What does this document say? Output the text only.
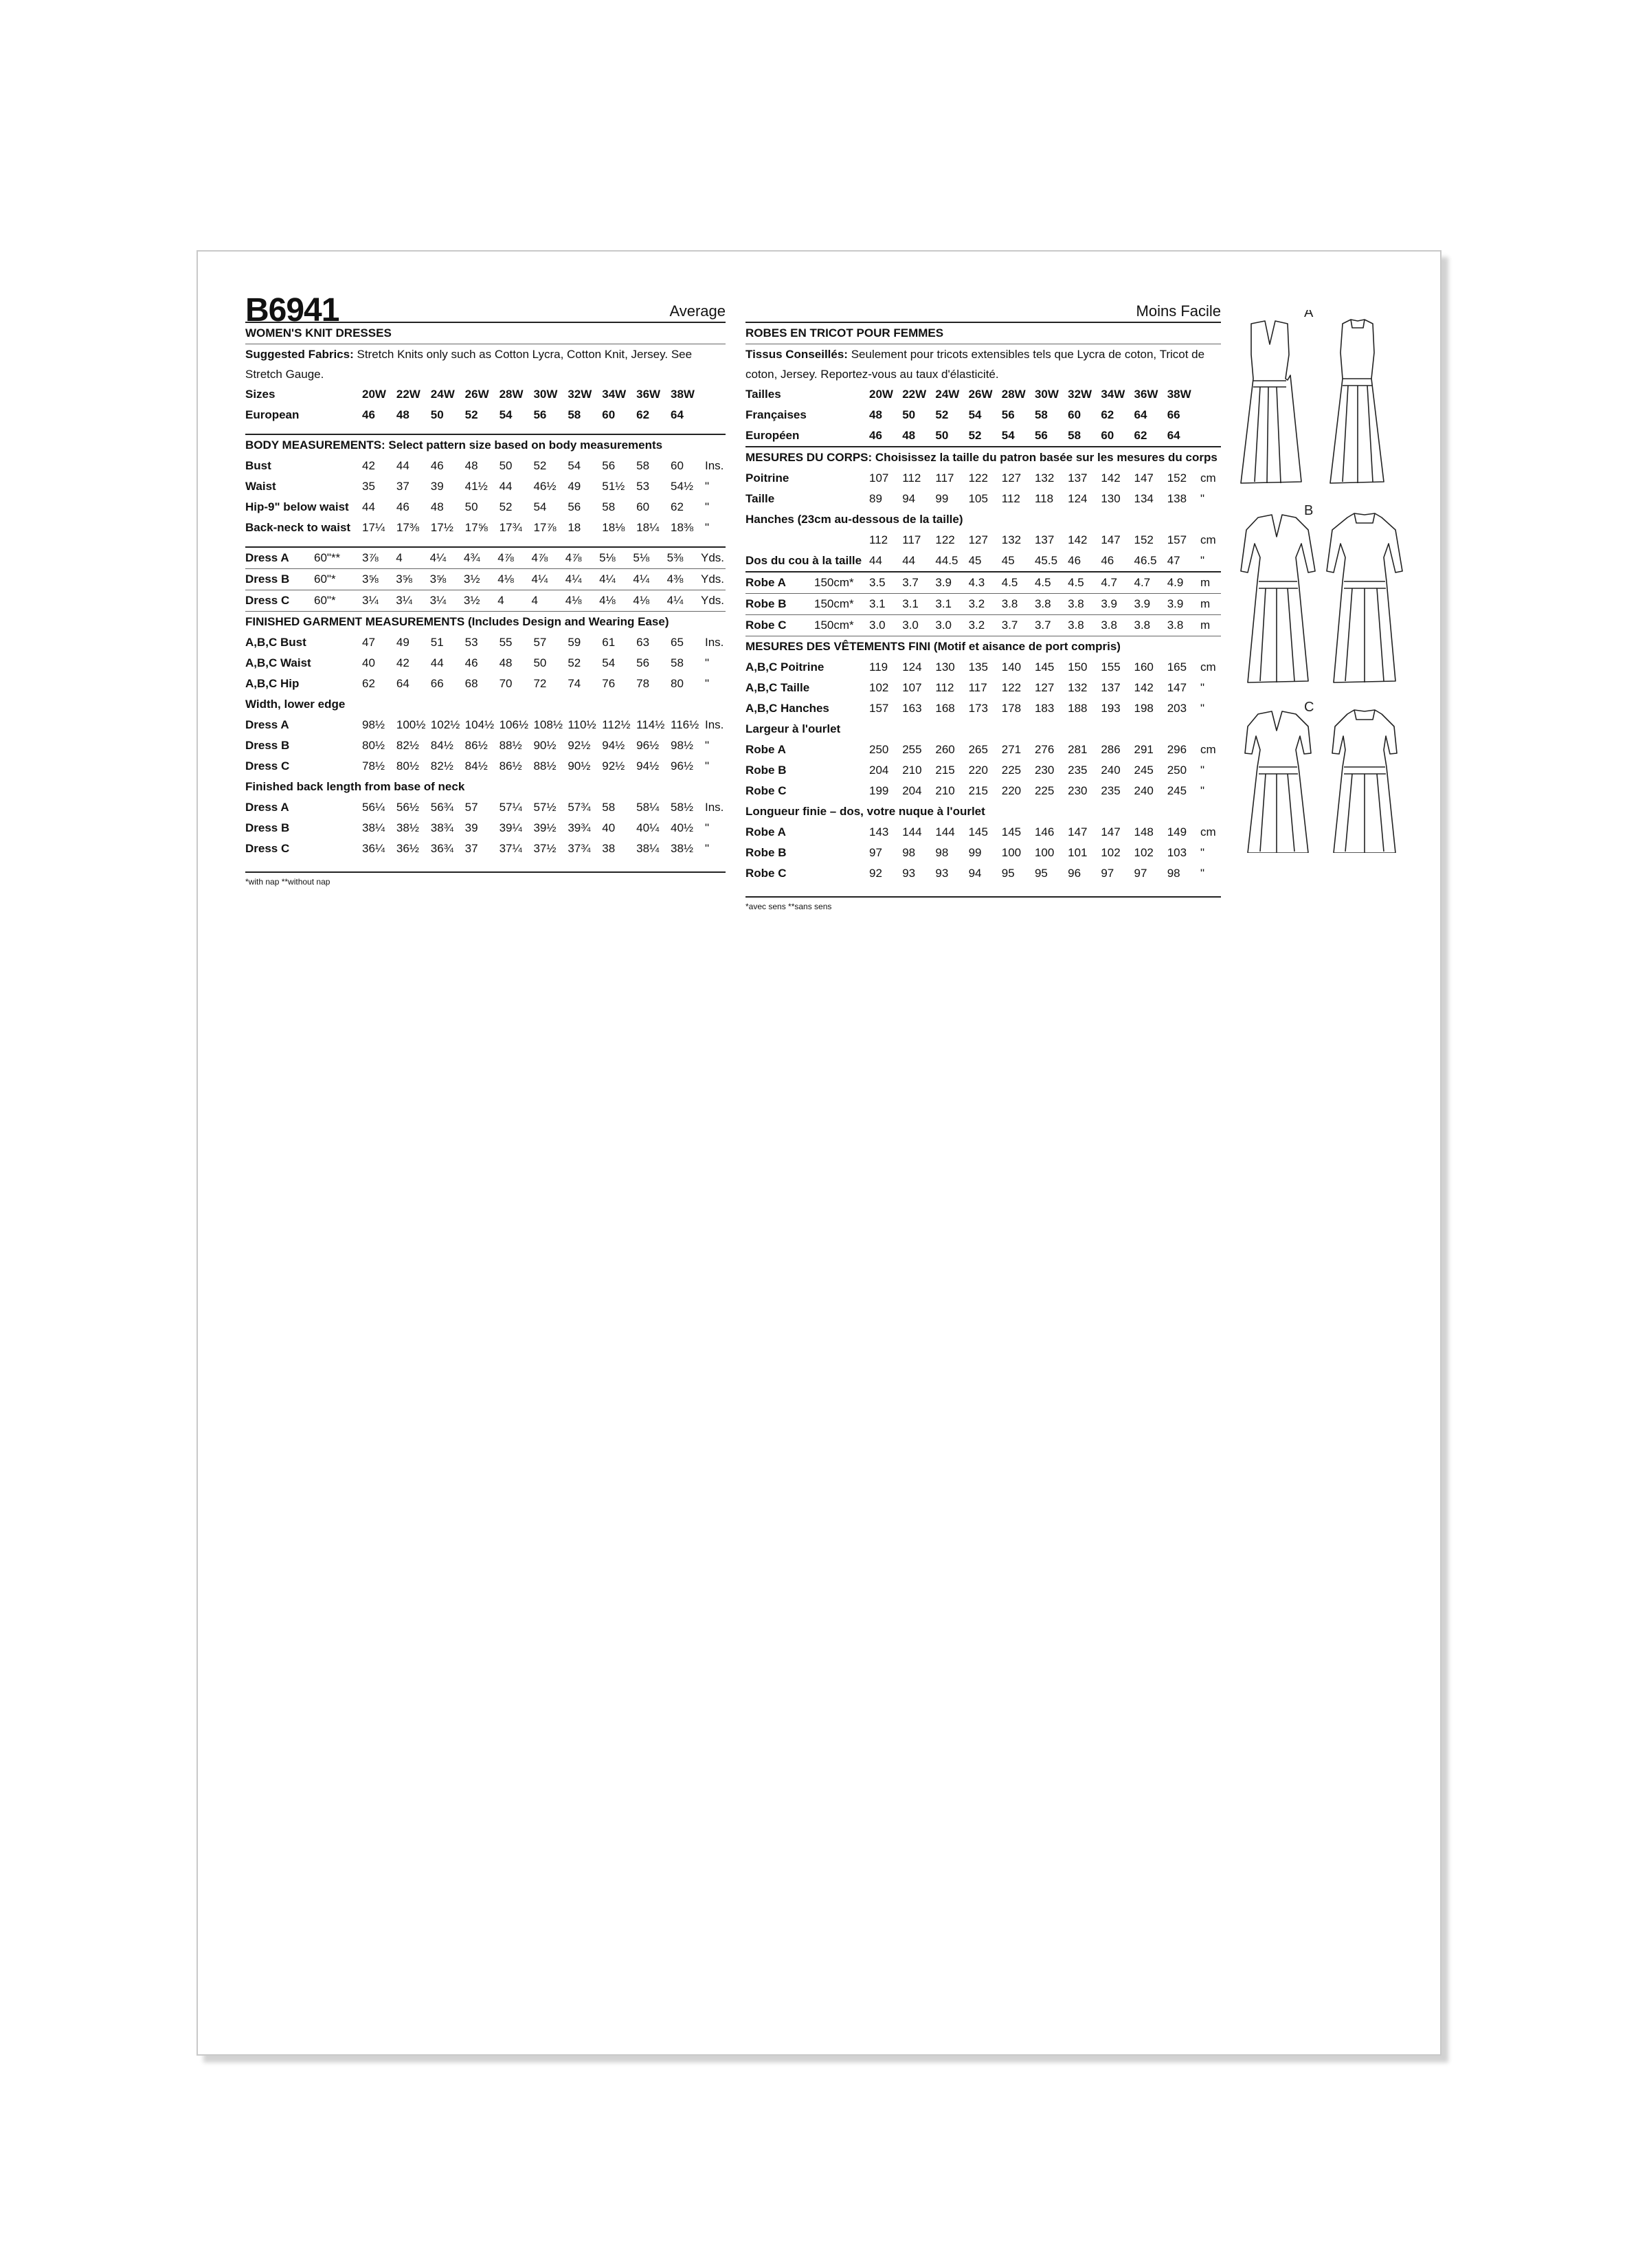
B6941	Average
WOMEN'S KNIT DRESSES
Suggested Fabrics: Stretch Knits only such as Cotton Lycra, Cotton Knit, Jersey. See Stretch Gauge.
Sizes	20W	22W	24W	26W	28W	30W	32W	34W	36W	38W	
European	46	48	50	52	54	56	58	60	62	64	
BODY MEASUREMENTS: Select pattern size based on body measurements
Bust	42	44	46	48	50	52	54	56	58	60	Ins.
Waist	35	37	39	41½	44	46½	49	51½	53	54½	"
Hip-9" below waist	44	46	48	50	52	54	56	58	60	62	"
Back-neck to waist	17¼	17⅜	17½	17⅝	17¾	17⅞	18	18⅛	18¼	18⅜	"
Dress A	60"**	3⅞	4	4¼	4¾	4⅞	4⅞	4⅞	5⅛	5⅛	5⅜	Yds.
Dress B	60"*	3⅝	3⅝	3⅝	3½	4⅛	4¼	4¼	4¼	4¼	4⅜	Yds.
Dress C	60"*	3¼	3¼	3¼	3½	4	4	4⅛	4⅛	4⅛	4¼	Yds.
FINISHED GARMENT MEASUREMENTS (Includes Design and Wearing Ease)
A,B,C Bust	47	49	51	53	55	57	59	61	63	65	Ins.
A,B,C Waist	40	42	44	46	48	50	52	54	56	58	"
A,B,C Hip	62	64	66	68	70	72	74	76	78	80	"
Width, lower edge
Dress A	98½	100½	102½	104½	106½	108½	110½	112½	114½	116½	Ins.
Dress B	80½	82½	84½	86½	88½	90½	92½	94½	96½	98½	"
Dress C	78½	80½	82½	84½	86½	88½	90½	92½	94½	96½	"
Finished back length from base of neck
Dress A	56¼	56½	56¾	57	57¼	57½	57¾	58	58¼	58½	Ins.
Dress B	38¼	38½	38¾	39	39¼	39½	39¾	40	40¼	40½	"
Dress C	36¼	36½	36¾	37	37¼	37½	37¾	38	38¼	38½	"
*with nap **without nap
Moins Facile
ROBES EN TRICOT POUR FEMMES
Tissus Conseillés: Seulement pour tricots extensibles tels que Lycra de coton, Tricot de coton, Jersey. Reportez-vous au taux d'élasticité.
Tailles	20W	22W	24W	26W	28W	30W	32W	34W	36W	38W	
Françaises	48	50	52	54	56	58	60	62	64	66	
Européen	46	48	50	52	54	56	58	60	62	64	
MESURES DU CORPS: Choisissez la taille du patron basée sur les mesures du corps
Poitrine	107	112	117	122	127	132	137	142	147	152	cm
Taille	89	94	99	105	112	118	124	130	134	138	"
Hanches (23cm au-dessous de la taille)
	112	117	122	127	132	137	142	147	152	157	cm
Dos du cou à la taille	44	44	44.5	45	45	45.5	46	46	46.5	47	"
Robe A	150cm*	3.5	3.7	3.9	4.3	4.5	4.5	4.5	4.7	4.7	4.9	m
Robe B	150cm*	3.1	3.1	3.1	3.2	3.8	3.8	3.8	3.9	3.9	3.9	m
Robe C	150cm*	3.0	3.0	3.0	3.2	3.7	3.7	3.8	3.8	3.8	3.8	m
MESURES DES VÊTEMENTS FINI (Motif et aisance de port compris)
A,B,C Poitrine	119	124	130	135	140	145	150	155	160	165	cm
A,B,C Taille	102	107	112	117	122	127	132	137	142	147	"
A,B,C Hanches	157	163	168	173	178	183	188	193	198	203	"
Largeur à l'ourlet
Robe A	250	255	260	265	271	276	281	286	291	296	cm
Robe B	204	210	215	220	225	230	235	240	245	250	"
Robe C	199	204	210	215	220	225	230	235	240	245	"
Longueur finie – dos, votre nuque à l'ourlet
Robe A	143	144	144	145	145	146	147	147	148	149	cm
Robe B	97	98	98	99	100	100	101	102	102	103	"
Robe C	92	93	93	94	95	95	96	97	97	98	"
*avec sens **sans sens
A
B
C
